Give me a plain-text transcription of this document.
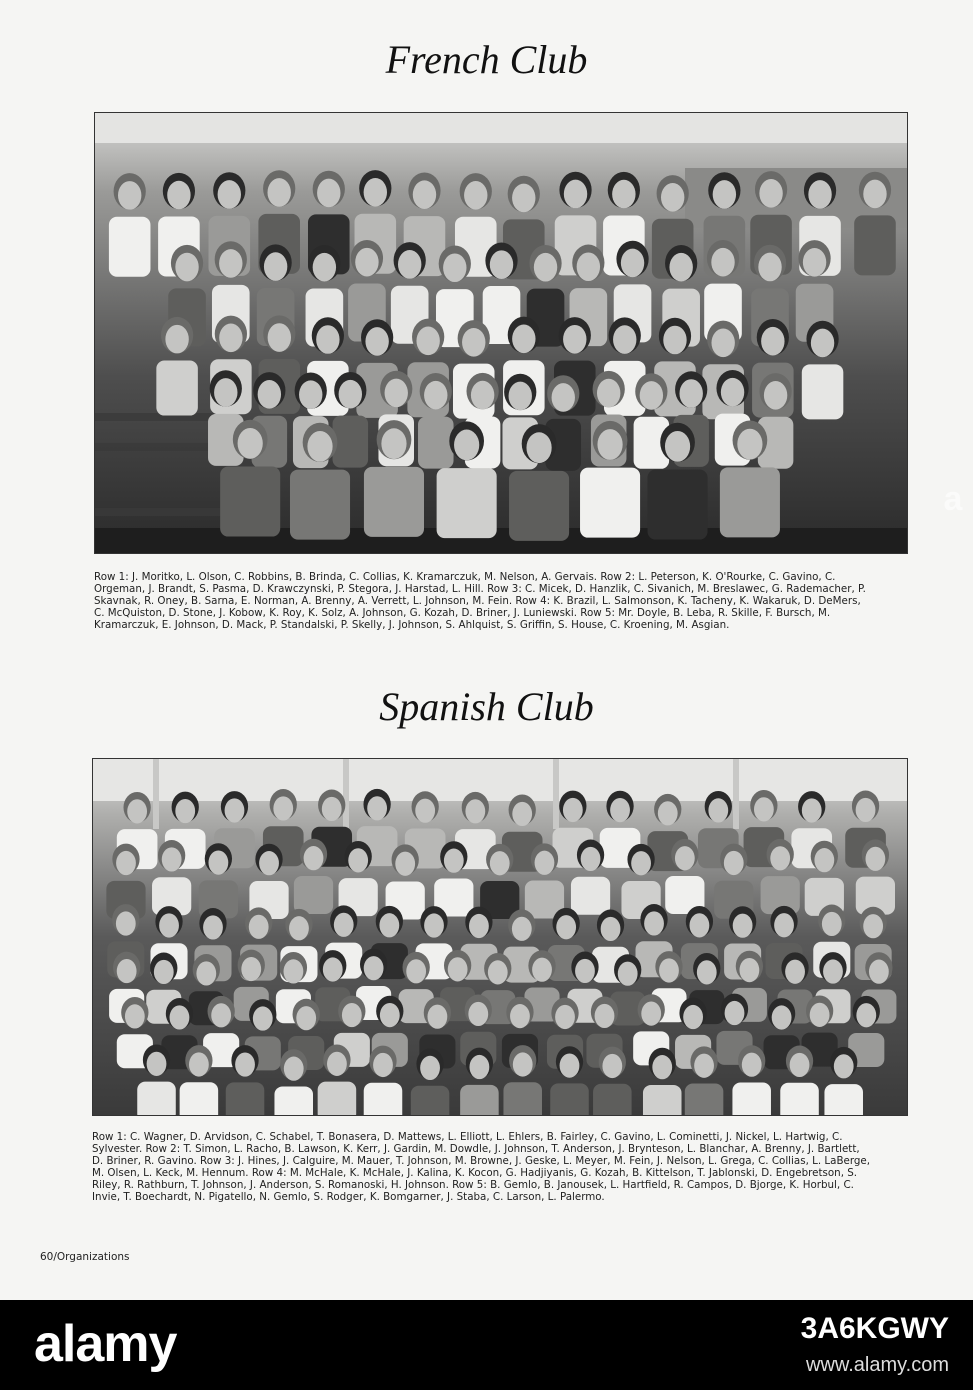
French Club

Row 1: J. Moritko, L. Olson, C. Robbins, B. Brinda, C. Collias, K. Kramarczuk, M. Nelson, A. Gervais. Row 2: L. Peterson, K. O'Rourke, C. Gavino, C. Orgeman, J. Brandt, S. Pasma, D. Krawczynski, P. Stegora, J. Harstad, L. Hill. Row 3: C. Micek, D. Hanzlik, C. Sivanich, M. Breslawec, G. Rademacher, P. Skavnak, R. Oney, B. Sarna, E. Norman, A. Brenny, A. Verrett, L. Johnson, M. Fein. Row 4: K. Brazil, L. Salmonson, K. Tacheny, K. Wakaruk, D. DeMers, C. McQuiston, D. Stone, J. Kobow, K. Roy, K. Solz, A. Johnson, G. Kozah, D. Briner, J. Luniewski. Row 5: Mr. Doyle, B. Leba, R. Skille, F. Bursch, M. Kramarczuk, E. Johnson, D. Mack, P. Standalski, P. Skelly, J. Johnson, S. Ahlquist, S. Griffin, S. House, C. Kroening, M. Asgian.

Spanish Club

Row 1: C. Wagner, D. Arvidson, C. Schabel, T. Bonasera, D. Mattews, L. Elliott, L. Ehlers, B. Fairley, C. Gavino, L. Cominetti, J. Nickel, L. Hartwig, C. Sylvester. Row 2: T. Simon, L. Racho, B. Lawson, K. Kerr, J. Gardin, M. Dowdle, J. Johnson, T. Anderson, J. Brynteson, L. Blanchar, A. Brenny, J. Bartlett, D. Briner, R. Gavino. Row 3: J. Hines, J. Calguire, M. Mauer, T. Johnson, M. Browne, J. Geske, L. Meyer, M. Fein, J. Nelson, L. Grega, C. Collias, L. LaBerge, M. Olsen, L. Keck, M. Hennum. Row 4: M. McHale, K. McHale, J. Kalina, K. Kocon, G. Hadjiyanis, G. Kozah, B. Kittelson, T. Jablonski, D. Engebretson, S. Riley, R. Rathburn, T. Johnson, J. Anderson, S. Romanoski, H. Johnson. Row 5: B. Gemlo, B. Janousek, L. Hartfield, R. Campos, D. Bjorge, K. Horbul, C. Invie, T. Boechardt, N. Pigatello, N. Gemlo, S. Rodger, K. Bomgarner, J. Staba, C. Larson, L. Palermo.

60/Organizations
a
alamy	3A6KGWY
www.alamy.com
